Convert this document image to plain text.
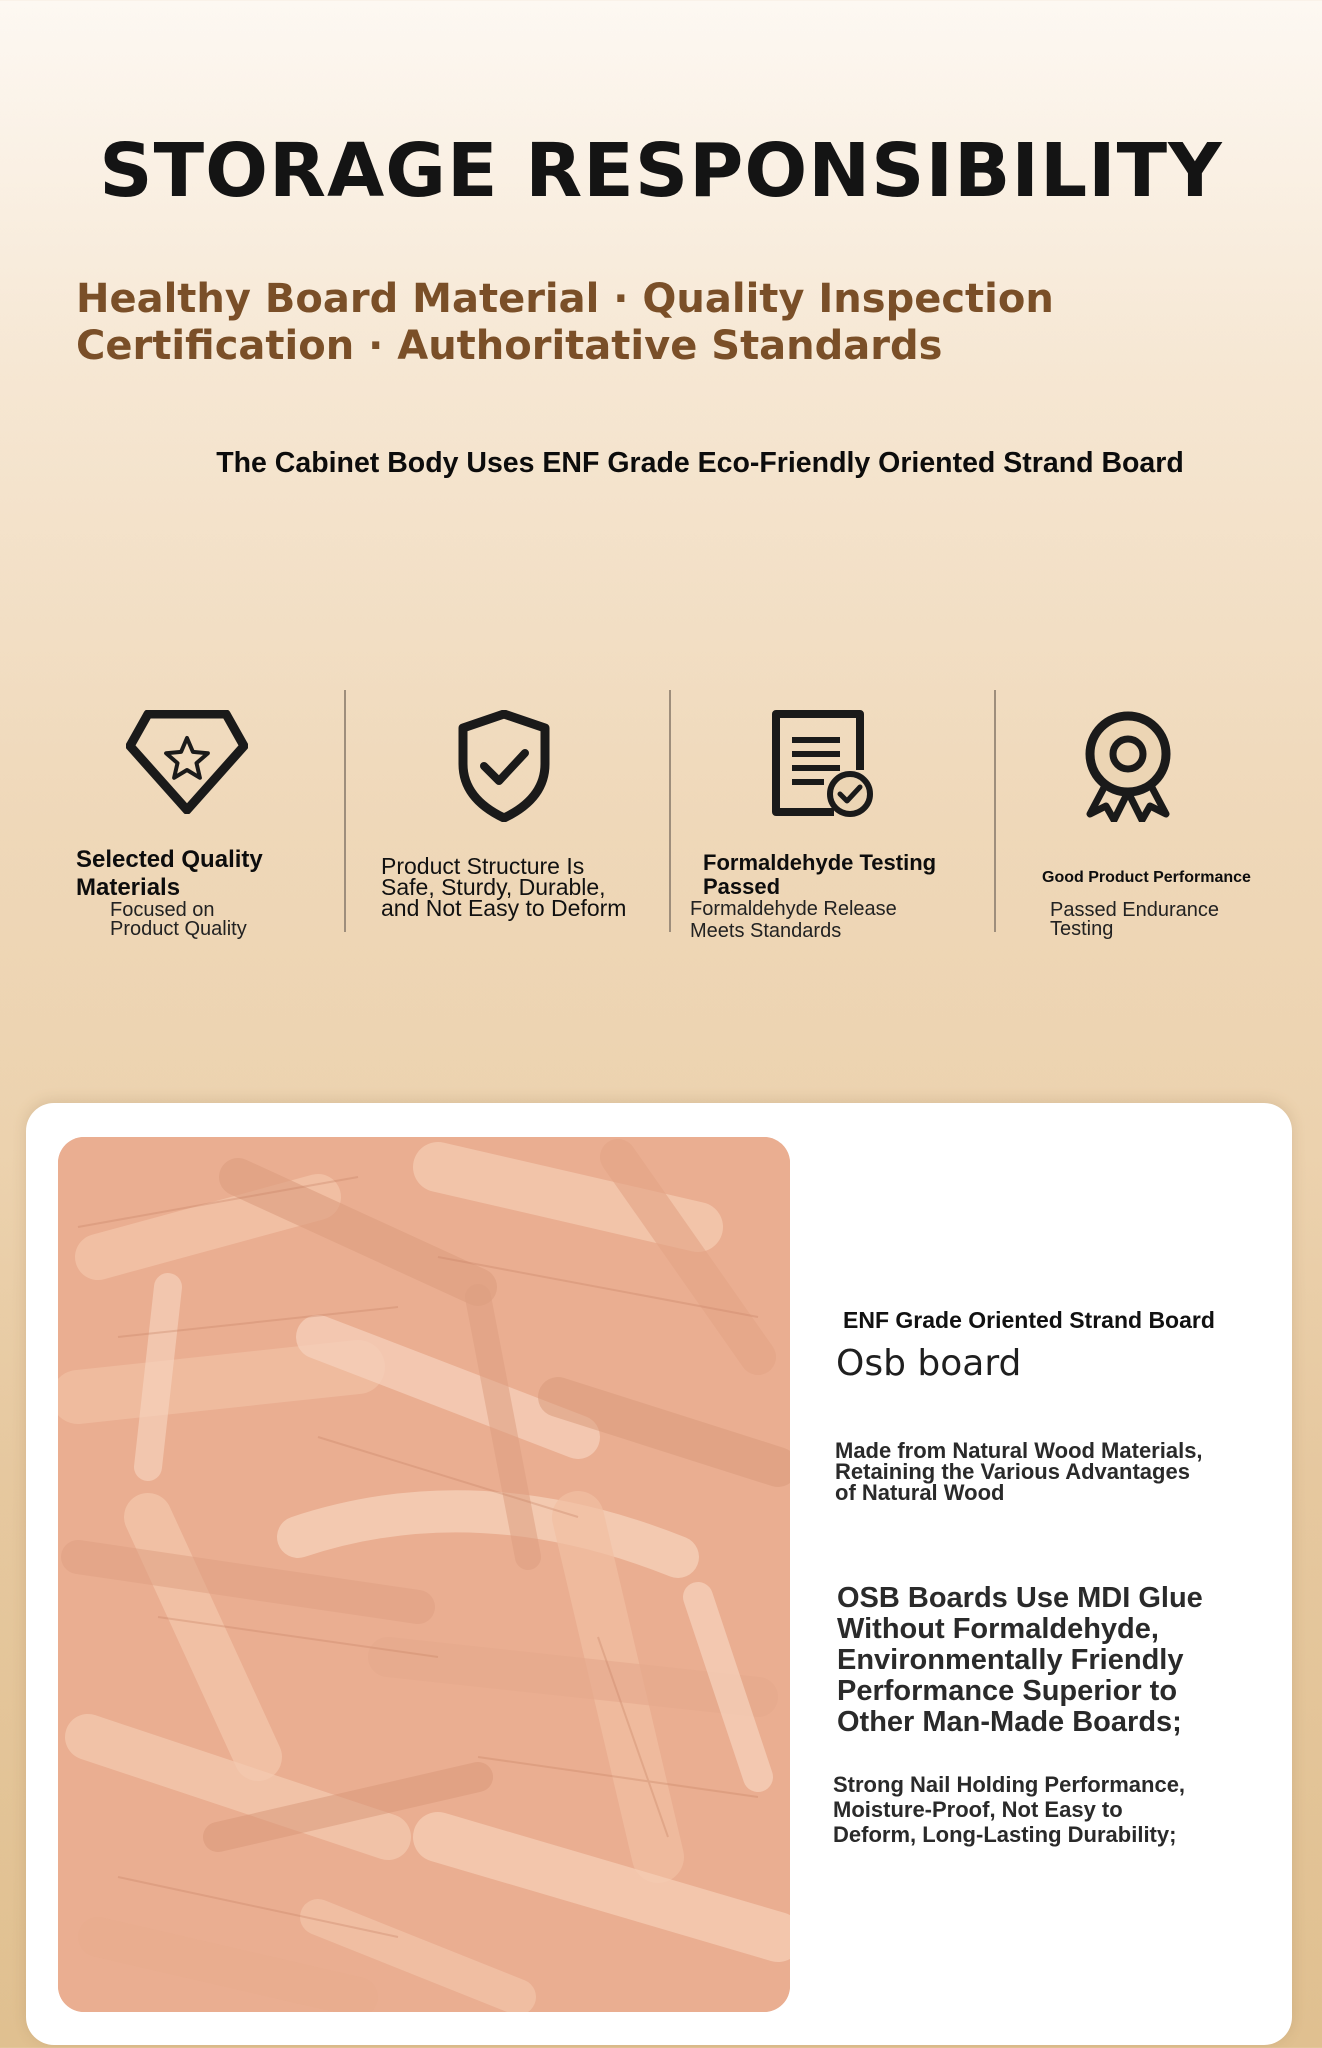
STORAGE RESPONSIBILITY
Healthy Board Material · Quality Inspection Certification · Authoritative Standards

The Cabinet Body Uses ENF Grade Eco-Friendly Oriented Strand Board

Selected Quality Materials

Focused on Product Quality

Product Structure Is Safe, Sturdy, Durable, and Not Easy to Deform

Formaldehyde Testing Passed

Formaldehyde Release Meets Standards

Good Product Performance

Passed Endurance Testing

ENF Grade Oriented Strand Board

Osb board

Made from Natural Wood Materials, Retaining the Various Advantages of Natural Wood

OSB Boards Use MDI Glue Without Formaldehyde, Environmentally Friendly Performance Superior to Other Man-Made Boards;

Strong Nail Holding Performance, Moisture-Proof, Not Easy to Deform, Long-Lasting Durability;
